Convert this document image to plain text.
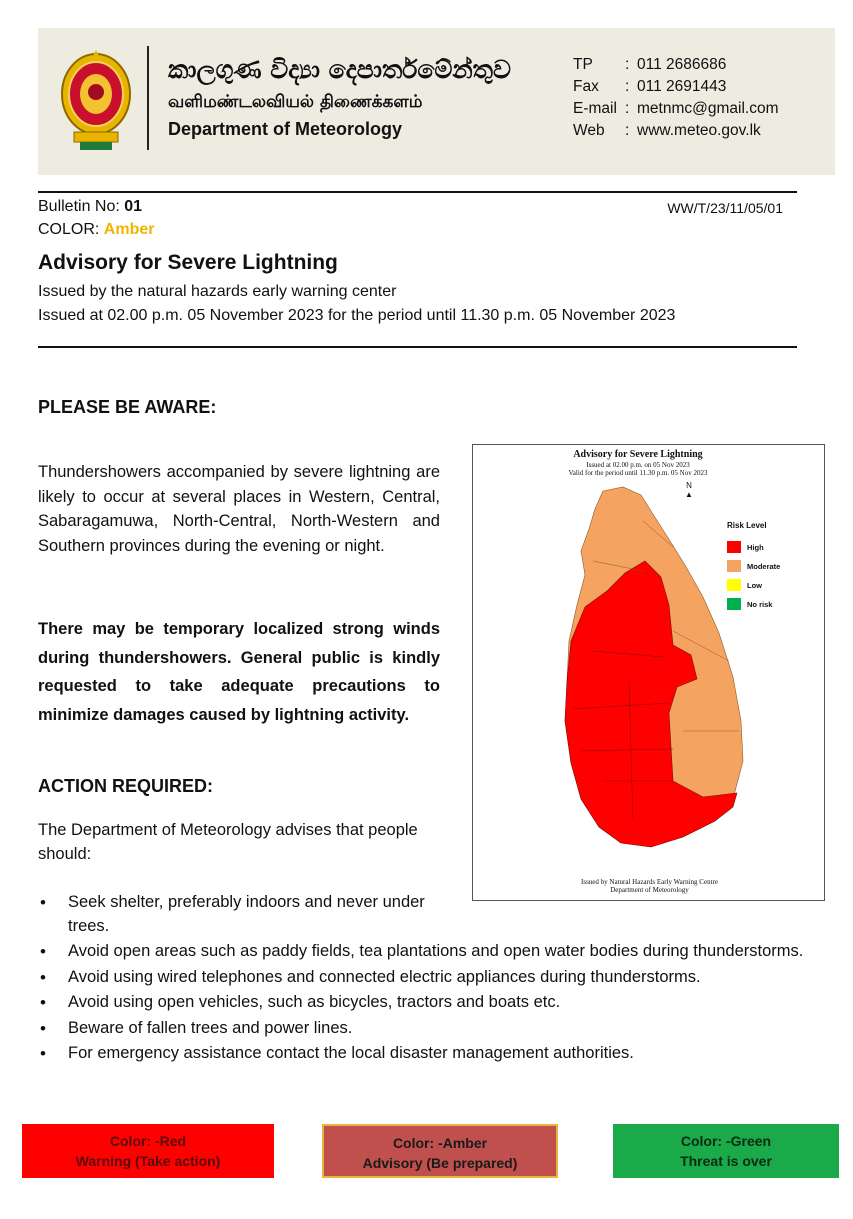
කාලගුණ විද්‍යා දෙපාර්තමේන්තුව
வளிமண்டலவியல் திணைக்களம்
Department of Meteorology
TP	: 011 2686686
Fax	: 011 2691443
E-mail : metnmc@gmail.com
Web	: www.meteo.gov.lk
Bulletin No: 01	WW/T/23/11/05/01
COLOR: Amber
Advisory for Severe Lightning
Issued by the natural hazards early warning center
Issued at 02.00 p.m. 05 November 2023 for the period until 11.30 p.m. 05 November 2023
PLEASE BE AWARE:
Thundershowers accompanied by severe lightning are likely to occur at several places in Western, Central, Sabaragamuwa, North-Central, North-Western and Southern provinces during the evening or night.
There may be temporary localized strong winds during thundershowers. General public is kindly requested to take adequate precautions to minimize damages caused by lightning activity.
ACTION REQUIRED:
The Department of Meteorology advises that people should:
• Seek shelter, preferably indoors and never under trees.
• Avoid open areas such as paddy fields, tea plantations and open water bodies during thunderstorms.
• Avoid using wired telephones and connected electric appliances during thunderstorms.
• Avoid using open vehicles, such as bicycles, tractors and boats etc.
• Beware of fallen trees and power lines.
• For emergency assistance contact the local disaster management authorities.
Advisory for Severe Lightning
Issued at 02.00 p.m. on 05 Nov 2023
Valid for the period until 11.30 p.m. 05 Nov 2023
N
▲
Risk Level
High
Moderate
Low
No risk
Issued by Natural Hazards Early Warning Centre
Department of Meteorology
Color: -Red
Warning (Take action)
Color: -Amber
Advisory (Be prepared)
Color: -Green
Threat is over
